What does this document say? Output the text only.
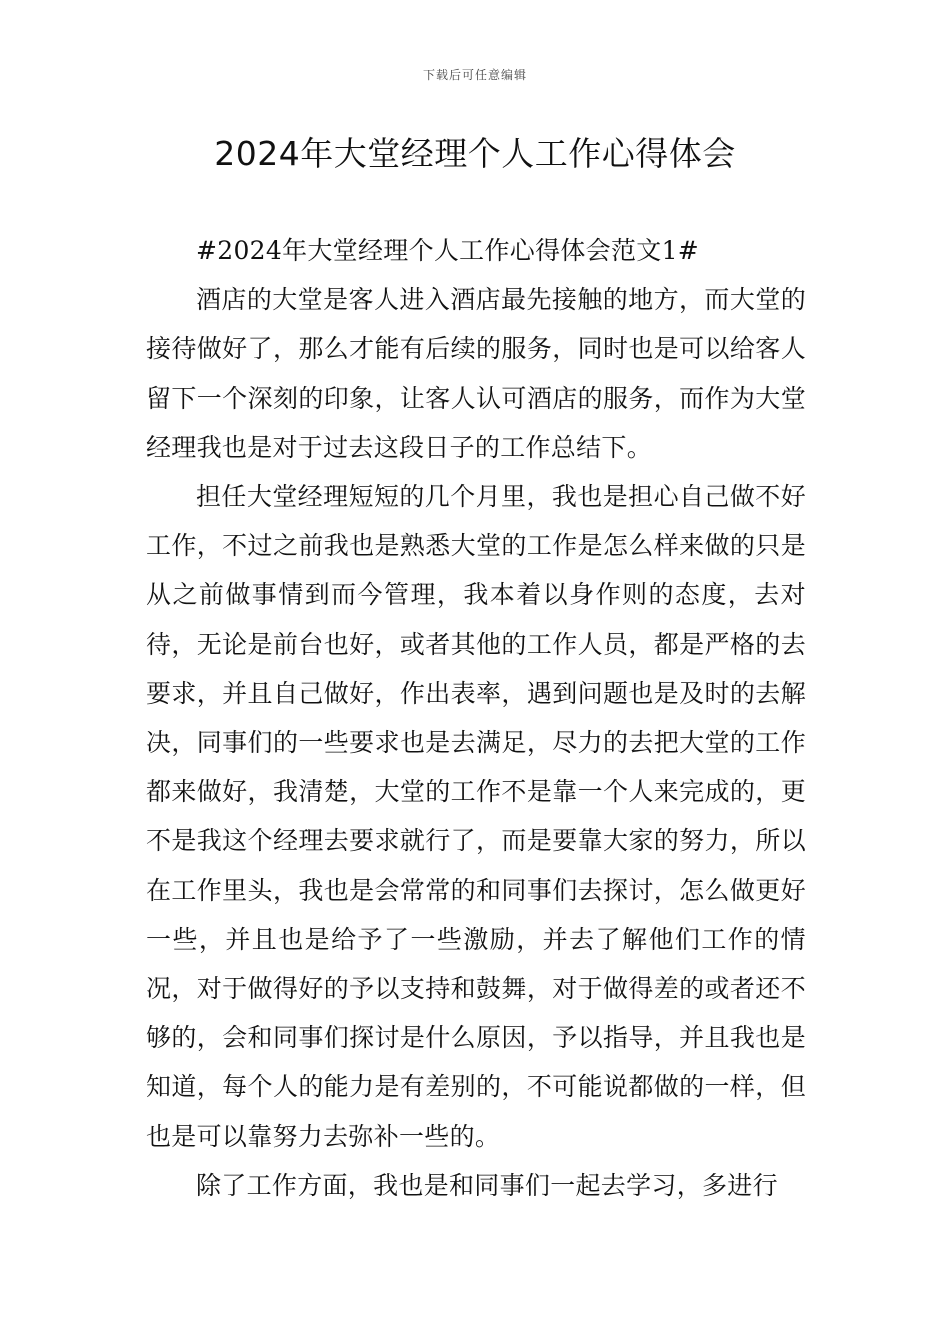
下载后可任意编辑
2024年大堂经理个人工作心得体会

#2024年大堂经理个人工作心得体会范文1#

酒店的大堂是客人进入酒店最先接触的地方，而大堂的接待做好了，那么才能有后续的服务，同时也是可以给客人留下一个深刻的印象，让客人认可酒店的服务，而作为大堂经理我也是对于过去这段日子的工作总结下。

担任大堂经理短短的几个月里，我也是担心自己做不好工作，不过之前我也是熟悉大堂的工作是怎么样来做的只是从之前做事情到而今管理，我本着以身作则的态度，去对待，无论是前台也好，或者其他的工作人员，都是严格的去要求，并且自己做好，作出表率，遇到问题也是及时的去解决，同事们的一些要求也是去满足，尽力的去把大堂的工作都来做好，我清楚，大堂的工作不是靠一个人来完成的，更不是我这个经理去要求就行了，而是要靠大家的努力，所以在工作里头，我也是会常常的和同事们去探讨，怎么做更好一些，并且也是给予了一些激励，并去了解他们工作的情况，对于做得好的予以支持和鼓舞，对于做得差的或者还不够的，会和同事们探讨是什么原因，予以指导，并且我也是知道，每个人的能力是有差别的，不可能说都做的一样，但也是可以靠努力去弥补一些的。

除了工作方面，我也是和同事们一起去学习，多进行
